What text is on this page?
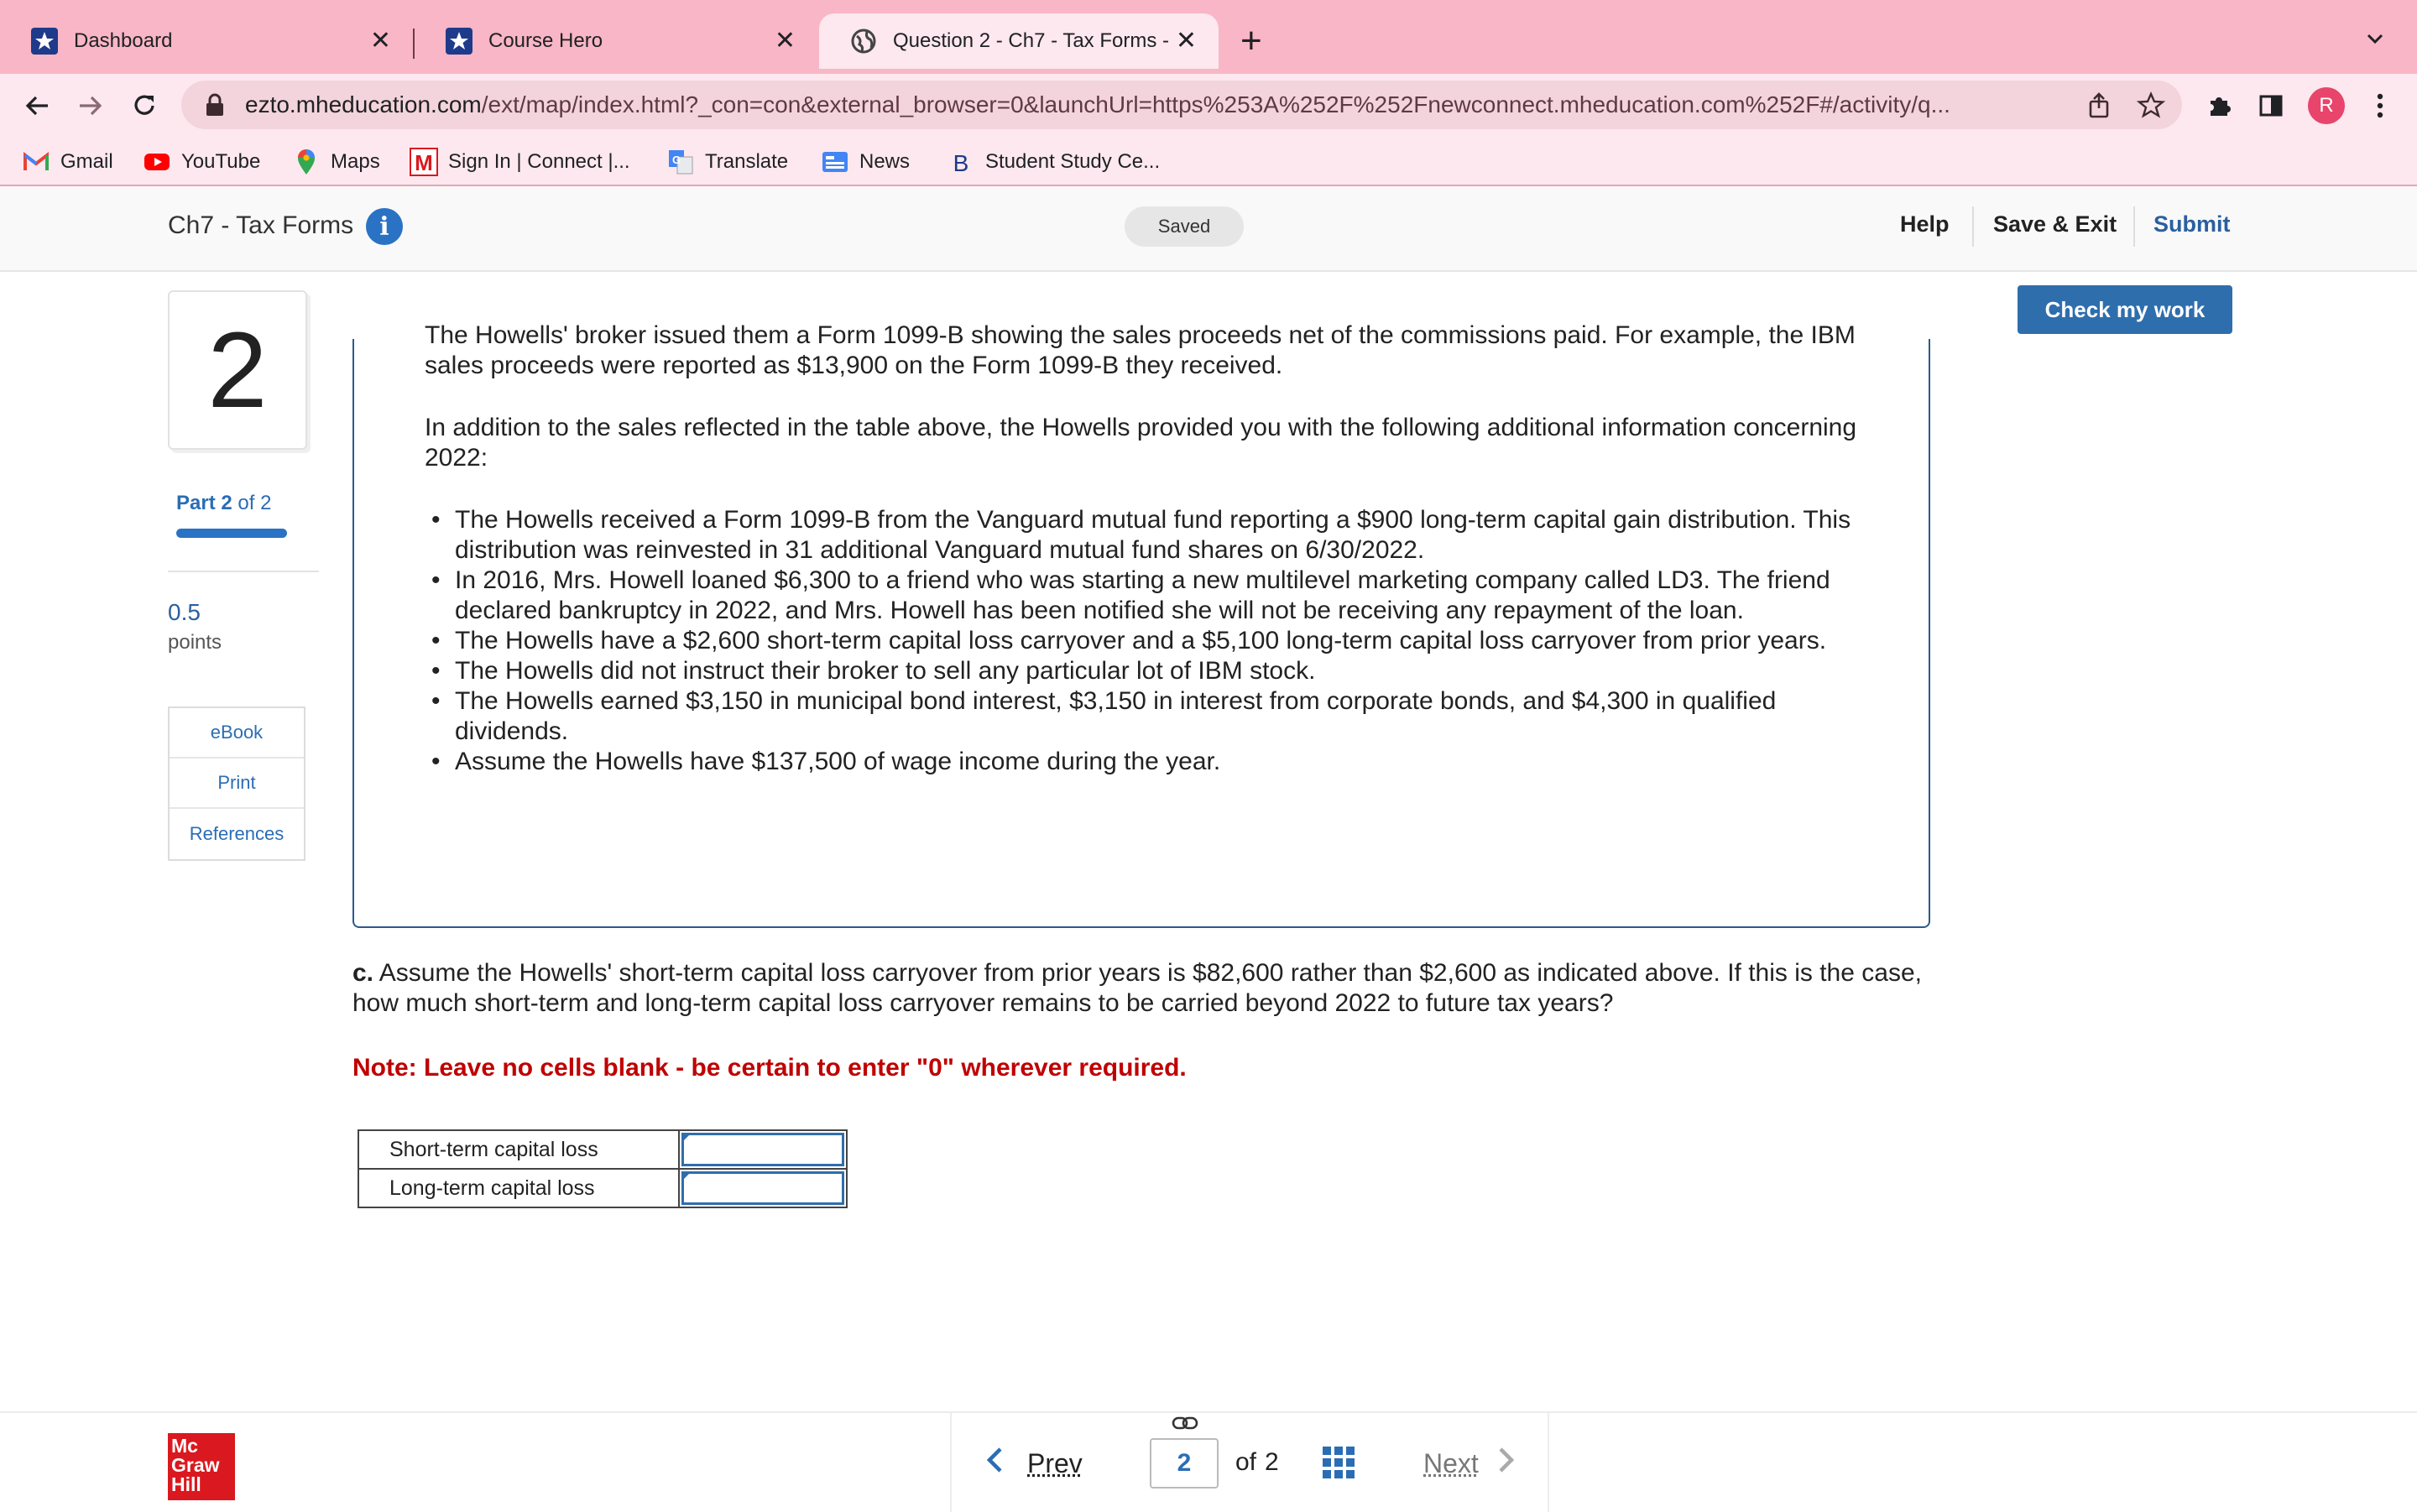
Dashboard	✕	Course Hero	✕	Question 2 - Ch7 - Tax Forms - ✕ +
ezto.mheducation.com/ext/map/index.html?_con=con&external_browser=0&launchUrl=https%253A%252F%252Fnewconnect.mheducation.com%252F#/activity/q...	R
Gmail	YouTube	Maps M Sign In | Connect |...	G Translate	News B Student Study Ce...
Ch7 - Tax Forms	i	Saved	Help Save & Exit Submit
2
Part 2 of 2
0.5
points
eBook
Print
References
Check my work

The Howells' broker issued them a Form 1099-B showing the sales proceeds net of the commissions paid. For example, the IBM sales proceeds were reported as $13,900 on the Form 1099-B they received.

In addition to the sales reflected in the table above, the Howells provided you with the following additional information concerning 2022:

• The Howells received a Form 1099-B from the Vanguard mutual fund reporting a $900 long-term capital gain distribution. This distribution was reinvested in 31 additional Vanguard mutual fund shares on 6/30/2022.
• In 2016, Mrs. Howell loaned $6,300 to a friend who was starting a new multilevel marketing company called LD3. The friend declared bankruptcy in 2022, and Mrs. Howell has been notified she will not be receiving any repayment of the loan.
• The Howells have a $2,600 short-term capital loss carryover and a $5,100 long-term capital loss carryover from prior years.
• The Howells did not instruct their broker to sell any particular lot of IBM stock.
• The Howells earned $3,150 in municipal bond interest, $3,150 in interest from corporate bonds, and $4,300 in qualified dividends.
• Assume the Howells have $137,500 of wage income during the year.
c. Assume the Howells' short-term capital loss carryover from prior years is $82,600 rather than $2,600 as indicated above. If this is the case, how much short-term and long-term capital loss carryover remains to be carried beyond 2022 to future tax years?
Note: Leave no cells blank - be certain to enter "0" wherever required.
Short-term capital loss	

Long-term capital loss	
Mc
Graw
Hill
Prev	2	of 2	Next
